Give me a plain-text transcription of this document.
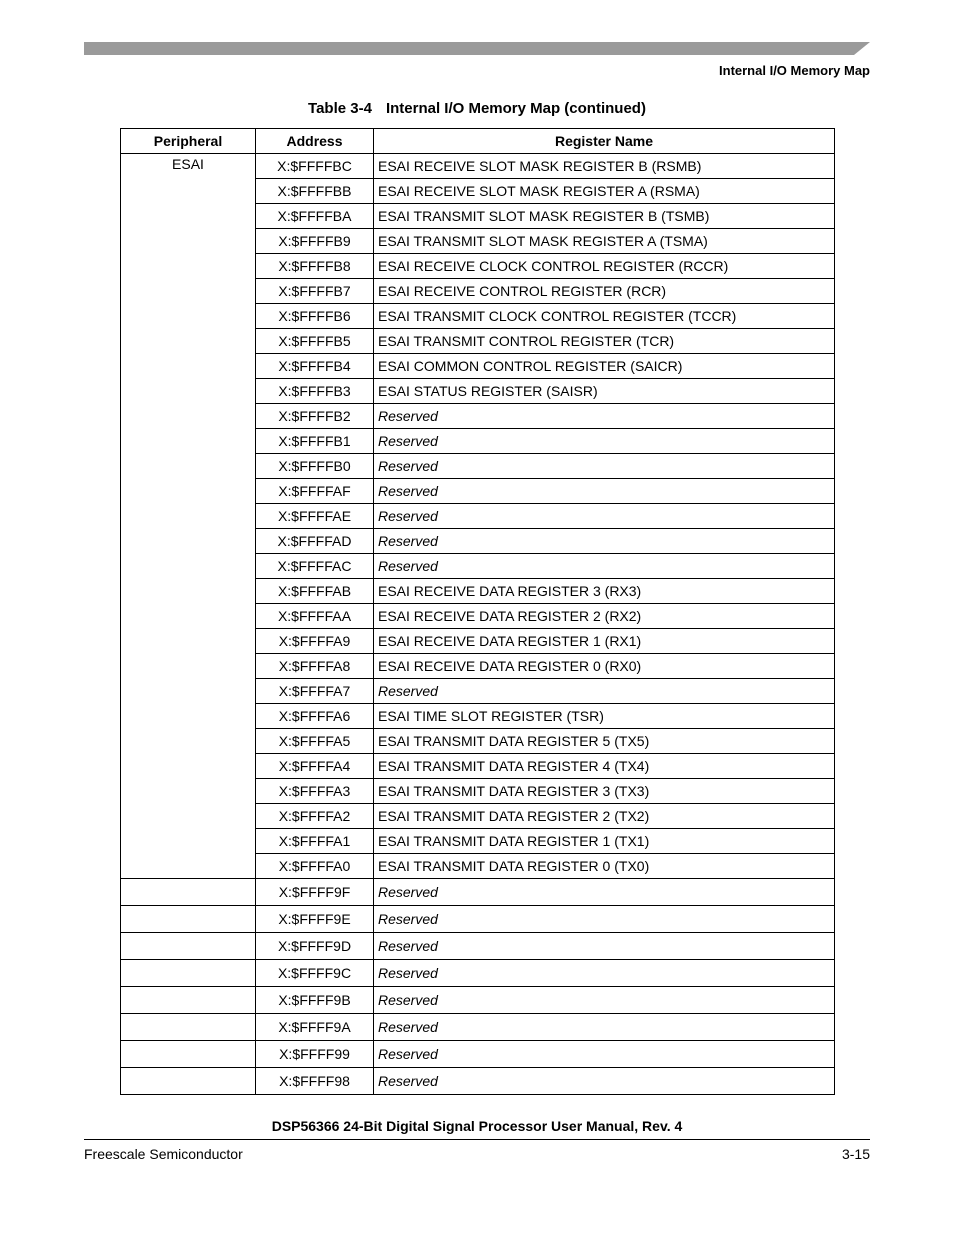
Internal I/O Memory Map
Table 3-4 Internal I/O Memory Map (continued)
Peripheral	Address	Register Name
ESAI	X:$FFFFBC	ESAI RECEIVE SLOT MASK REGISTER B (RSMB)
	X:$FFFFBB	ESAI RECEIVE SLOT MASK REGISTER A (RSMA)
	X:$FFFFBA	ESAI TRANSMIT SLOT MASK REGISTER B (TSMB)
	X:$FFFFB9	ESAI TRANSMIT SLOT MASK REGISTER A (TSMA)
	X:$FFFFB8	ESAI RECEIVE CLOCK CONTROL REGISTER (RCCR)
	X:$FFFFB7	ESAI RECEIVE CONTROL REGISTER (RCR)
	X:$FFFFB6	ESAI TRANSMIT CLOCK CONTROL REGISTER (TCCR)
	X:$FFFFB5	ESAI TRANSMIT CONTROL REGISTER (TCR)
	X:$FFFFB4	ESAI COMMON CONTROL REGISTER (SAICR)
	X:$FFFFB3	ESAI STATUS REGISTER (SAISR)
	X:$FFFFB2	Reserved
	X:$FFFFB1	Reserved
	X:$FFFFB0	Reserved
	X:$FFFFAF	Reserved
	X:$FFFFAE	Reserved
	X:$FFFFAD	Reserved
	X:$FFFFAC	Reserved
	X:$FFFFAB	ESAI RECEIVE DATA REGISTER 3 (RX3)
	X:$FFFFAA	ESAI RECEIVE DATA REGISTER 2 (RX2)
	X:$FFFFA9	ESAI RECEIVE DATA REGISTER 1 (RX1)
	X:$FFFFA8	ESAI RECEIVE DATA REGISTER 0 (RX0)
	X:$FFFFA7	Reserved
	X:$FFFFA6	ESAI TIME SLOT REGISTER (TSR)
	X:$FFFFA5	ESAI TRANSMIT DATA REGISTER 5 (TX5)
	X:$FFFFA4	ESAI TRANSMIT DATA REGISTER 4 (TX4)
	X:$FFFFA3	ESAI TRANSMIT DATA REGISTER 3 (TX3)
	X:$FFFFA2	ESAI TRANSMIT DATA REGISTER 2 (TX2)
	X:$FFFFA1	ESAI TRANSMIT DATA REGISTER 1 (TX1)
	X:$FFFFA0	ESAI TRANSMIT DATA REGISTER 0 (TX0)
	X:$FFFF9F	Reserved
	X:$FFFF9E	Reserved
	X:$FFFF9D	Reserved
	X:$FFFF9C	Reserved
	X:$FFFF9B	Reserved
	X:$FFFF9A	Reserved
	X:$FFFF99	Reserved
	X:$FFFF98	Reserved
DSP56366 24-Bit Digital Signal Processor User Manual, Rev. 4
Freescale Semiconductor	3-15
